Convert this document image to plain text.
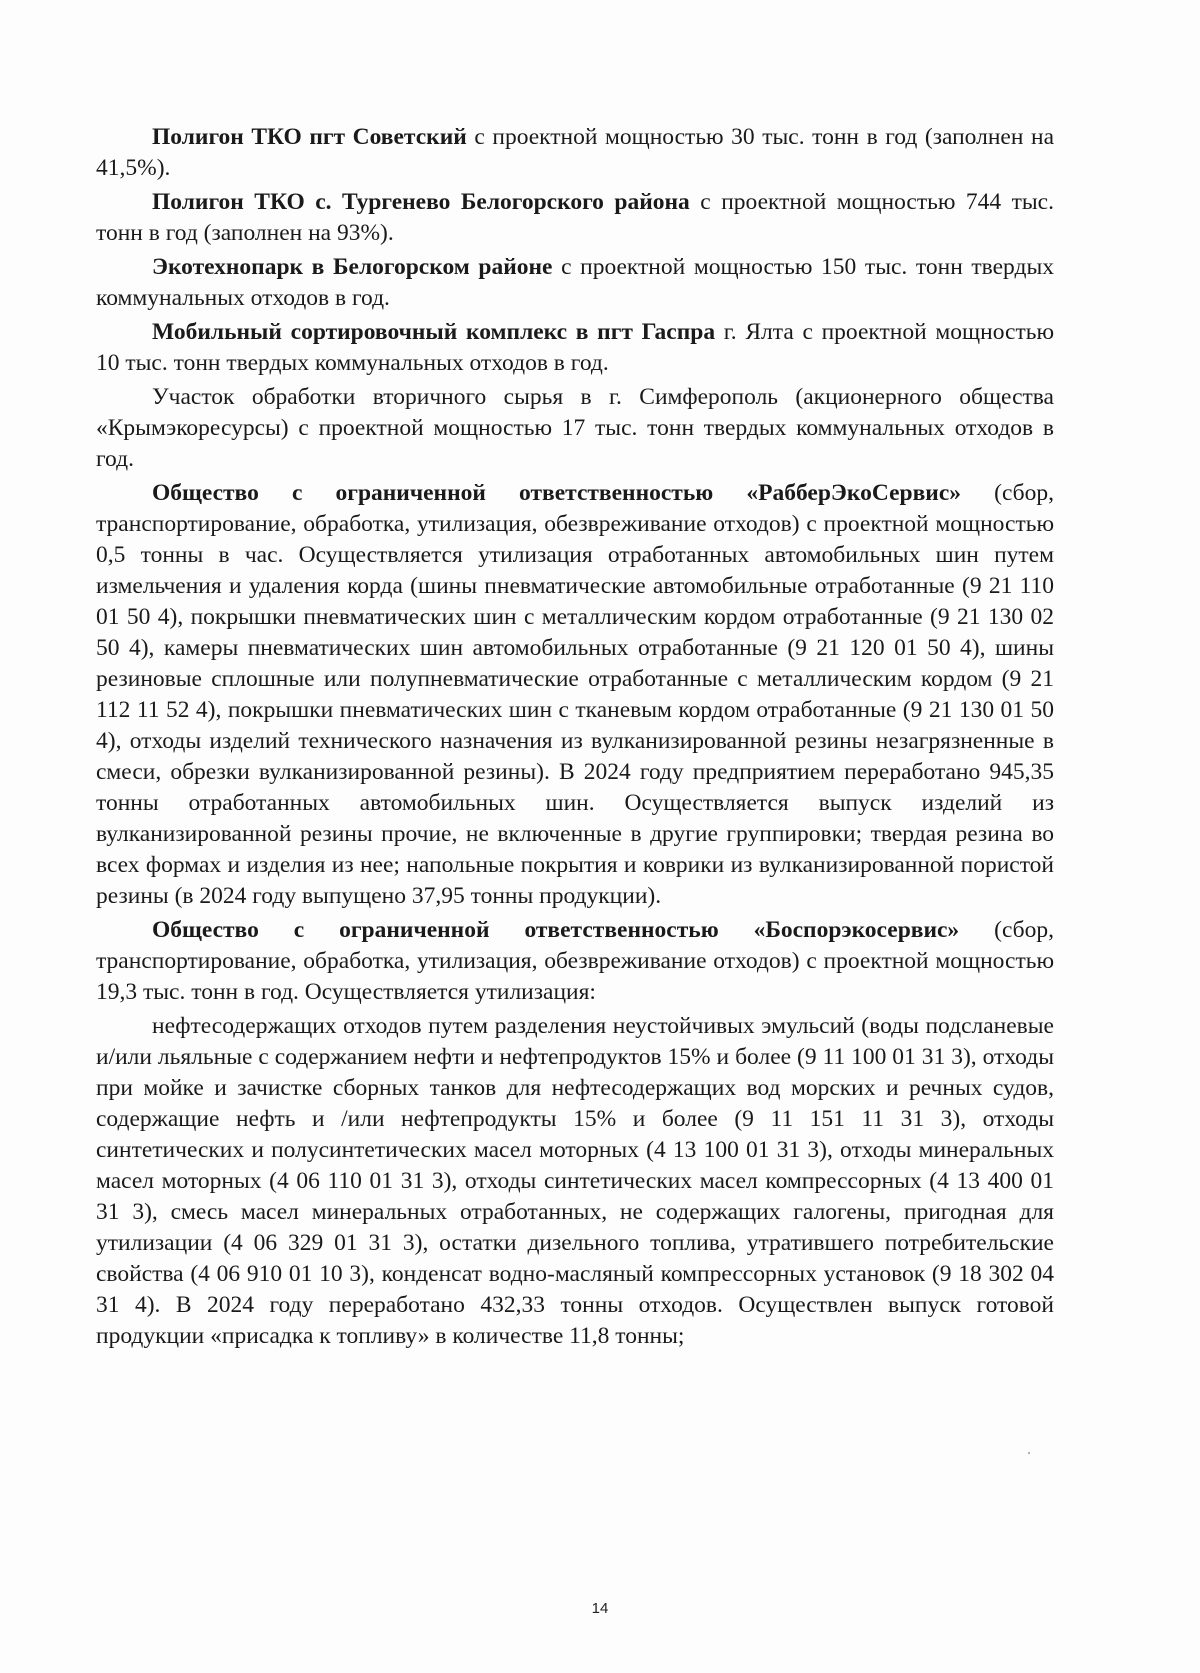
Полигон ТКО пгт Советский с проектной мощностью 30 тыс. тонн в год (заполнен на 41,5%).

Полигон ТКО с. Тургенево Белогорского района с проектной мощностью 744 тыс. тонн в год (заполнен на 93%).

Экотехнопарк в Белогорском районе с проектной мощностью 150 тыс. тонн твердых коммунальных отходов в год.

Мобильный сортировочный комплекс в пгт Гаспра г. Ялта с проектной мощностью 10 тыс. тонн твердых коммунальных отходов в год.

Участок обработки вторичного сырья в г. Симферополь (акционерного общества «Крымэкоресурсы) с проектной мощностью 17 тыс. тонн твердых коммунальных отходов в год.

Общество с ограниченной ответственностью «РабберЭкоСервис» (сбор, транспортирование, обработка, утилизация, обезвреживание отходов) с проектной мощностью 0,5 тонны в час. Осуществляется утилизация отработанных автомобильных шин путем измельчения и удаления корда (шины пневматические автомобильные отработанные (9 21 110 01 50 4), покрышки пневматических шин с металлическим кордом отработанные (9 21 130 02 50 4), камеры пневматических шин автомобильных отработанные (9 21 120 01 50 4), шины резиновые сплошные или полупневматические отработанные с металлическим кордом (9 21 112 11 52 4), покрышки пневматических шин с тканевым кордом отработанные (9 21 130 01 50 4), отходы изделий технического назначения из вулканизированной резины незагрязненные в смеси, обрезки вулканизированной резины). В 2024 году предприятием переработано 945,35 тонны отработанных автомобильных шин. Осуществляется выпуск изделий из вулканизированной резины прочие, не включенные в другие группировки; твердая резина во всех формах и изделия из нее; напольные покрытия и коврики из вулканизированной пористой резины (в 2024 году выпущено 37,95 тонны продукции).

Общество с ограниченной ответственностью «Боспорэкосервис» (сбор, транспортирование, обработка, утилизация, обезвреживание отходов) с проектной мощностью 19,3 тыс. тонн в год. Осуществляется утилизация:

нефтесодержащих отходов путем разделения неустойчивых эмульсий (воды подсланевые и/или льяльные с содержанием нефти и нефтепродуктов 15% и более (9 11 100 01 31 3), отходы при мойке и зачистке сборных танков для нефтесодержащих вод морских и речных судов, содержащие нефть и /или нефтепродукты 15% и более (9 11 151 11 31 3), отходы синтетических и полусинтетических масел моторных (4 13 100 01 31 3), отходы минеральных масел моторных (4 06 110 01 31 3), отходы синтетических масел компрессорных (4 13 400 01 31 3), смесь масел минеральных отработанных, не содержащих галогены, пригодная для утилизации (4 06 329 01 31 3), остатки дизельного топлива, утратившего потребительские свойства (4 06 910 01 10 3), конденсат водно-масляный компрессорных установок (9 18 302 04 31 4). В 2024 году переработано 432,33 тонны отходов. Осуществлен выпуск готовой продукции «присадка к топливу» в количестве 11,8 тонны;

14
